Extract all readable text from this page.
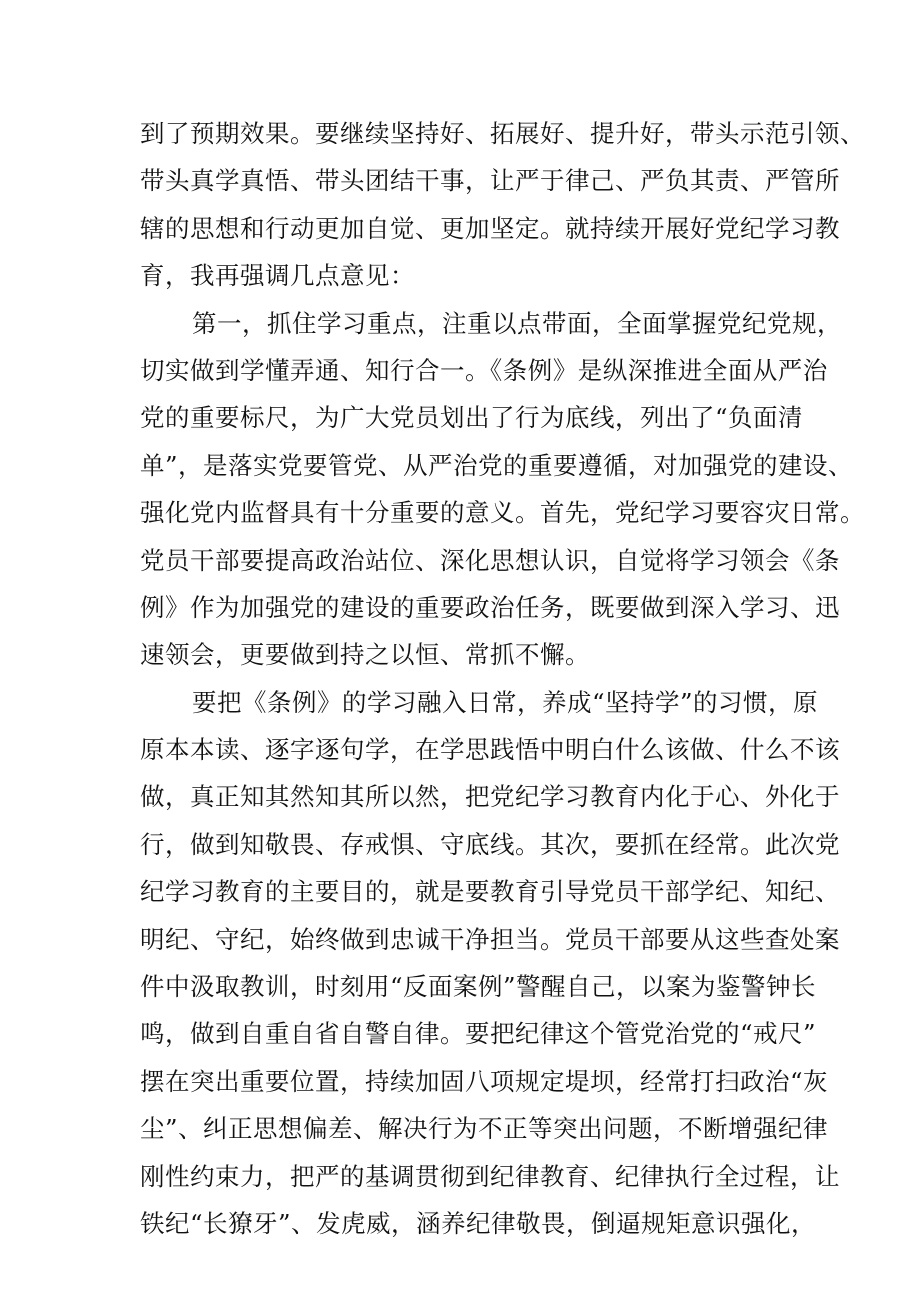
到了预期效果。要继续坚持好、拓展好、提升好，带头示范引领、
带头真学真悟、带头团结干事，让严于律己、严负其责、严管所
辖的思想和行动更加自觉、更加坚定。就持续开展好党纪学习教
育，我再强调几点意见：
第一，抓住学习重点，注重以点带面，全面掌握党纪党规，
切实做到学懂弄通、知行合一。《条例》是纵深推进全面从严治
党的重要标尺，为广大党员划出了行为底线，列出了“负面清
单”，是落实党要管党、从严治党的重要遵循，对加强党的建设、
强化党内监督具有十分重要的意义。首先，党纪学习要容灾日常。
党员干部要提高政治站位、深化思想认识，自觉将学习领会《条
例》作为加强党的建设的重要政治任务，既要做到深入学习、迅
速领会，更要做到持之以恒、常抓不懈。
要把《条例》的学习融入日常，养成“坚持学”的习惯，原
原本本读、逐字逐句学，在学思践悟中明白什么该做、什么不该
做，真正知其然知其所以然，把党纪学习教育内化于心、外化于
行，做到知敬畏、存戒惧、守底线。其次，要抓在经常。此次党
纪学习教育的主要目的，就是要教育引导党员干部学纪、知纪、
明纪、守纪，始终做到忠诚干净担当。党员干部要从这些查处案
件中汲取教训，时刻用“反面案例”警醒自己，以案为鉴警钟长
鸣，做到自重自省自警自律。要把纪律这个管党治党的“戒尺”
摆在突出重要位置，持续加固八项规定堤坝，经常打扫政治“灰
尘”、纠正思想偏差、解决行为不正等突出问题，不断增强纪律
刚性约束力，把严的基调贯彻到纪律教育、纪律执行全过程，让
铁纪“长獠牙”、发虎威，涵养纪律敬畏，倒逼规矩意识强化，
